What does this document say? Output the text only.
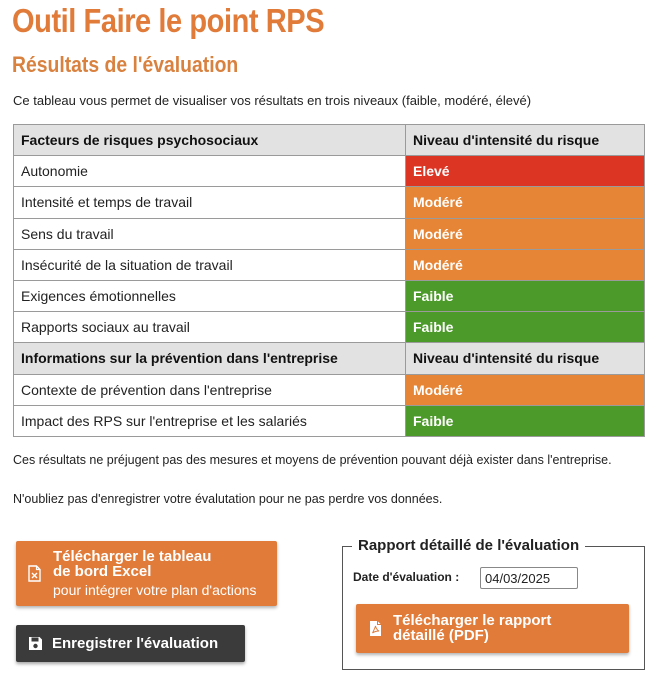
Outil Faire le point RPS
Résultats de l'évaluation
Ce tableau vous permet de visualiser vos résultats en trois niveaux (faible, modéré, élevé)
Facteurs de risques psychosociaux	Niveau d'intensité du risque
Autonomie	Elevé
Intensité et temps de travail	Modéré
Sens du travail	Modéré
Insécurité de la situation de travail	Modéré
Exigences émotionnelles	Faible
Rapports sociaux au travail	Faible
Informations sur la prévention dans l'entreprise	Niveau d'intensité du risque
Contexte de prévention dans l'entreprise	Modéré
Impact des RPS sur l'entreprise et les salariés	Faible
Ces résultats ne préjugent pas des mesures et moyens de prévention pouvant déjà exister dans l'entreprise.
N'oubliez pas d'enregistrer votre évalutation pour ne pas perdre vos données.
Télécharger le tableau
de bord Excel
pour intégrer votre plan d'actions
Enregistrer l'évaluation
Rapport détaillé de l'évaluation
Date d'évaluation :
04/03/2025
Télécharger le rapport
détaillé (PDF)
